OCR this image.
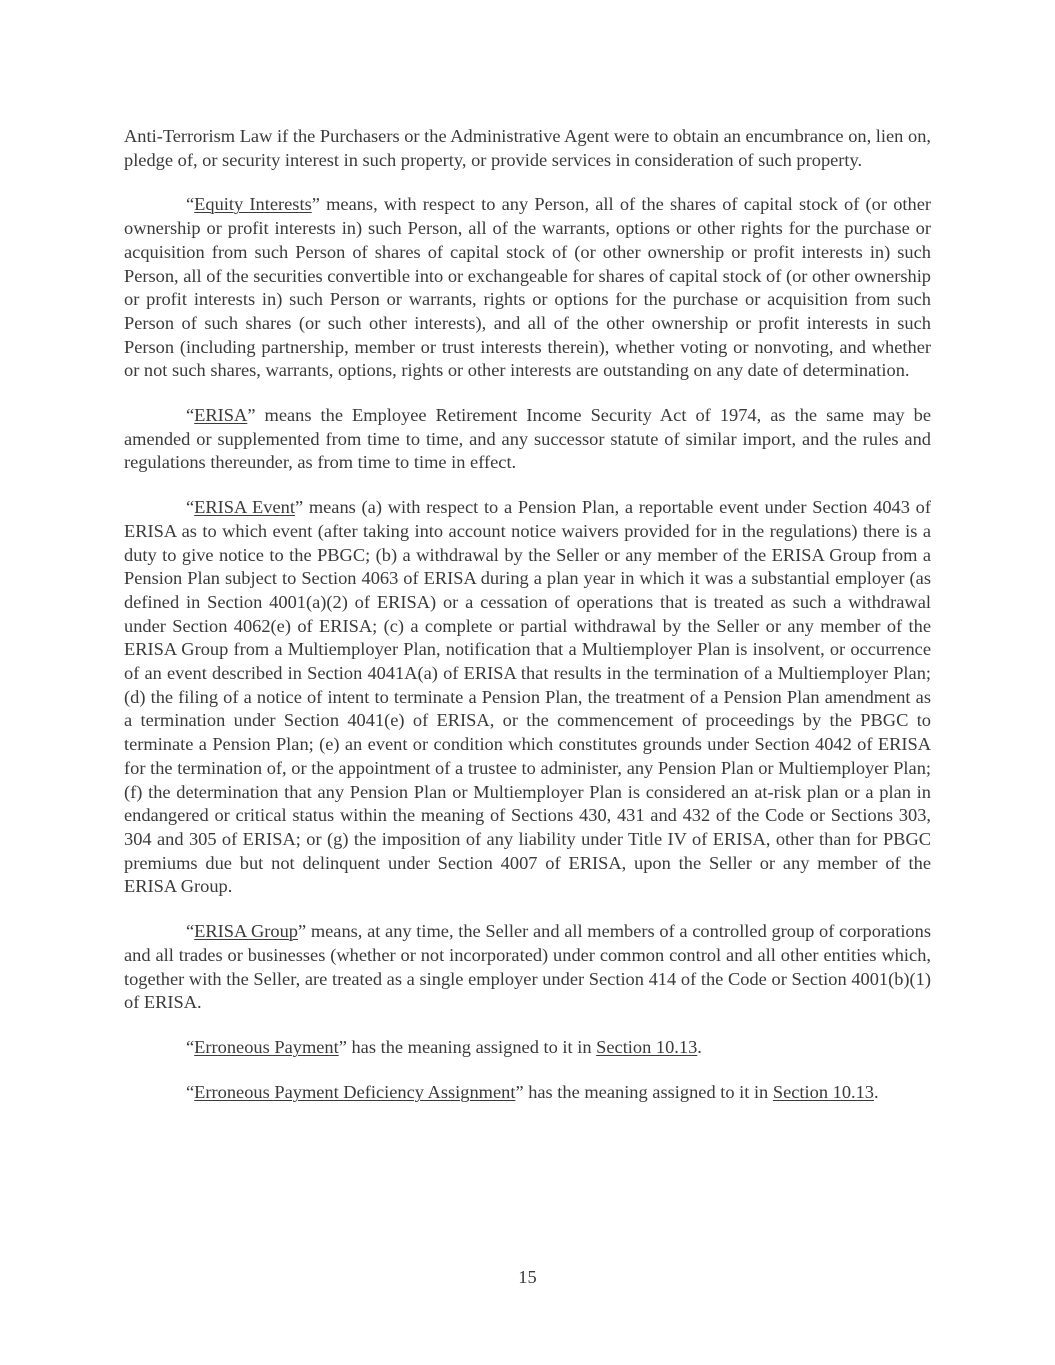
Anti-Terrorism Law if the Purchasers or the Administrative Agent were to obtain an encumbrance on, lien on, pledge of, or security interest in such property, or provide services in consideration of such property.

“Equity Interests” means, with respect to any Person, all of the shares of capital stock of (or other ownership or profit interests in) such Person, all of the warrants, options or other rights for the purchase or acquisition from such Person of shares of capital stock of (or other ownership or profit interests in) such Person, all of the securities convertible into or exchangeable for shares of capital stock of (or other ownership or profit interests in) such Person or warrants, rights or options for the purchase or acquisition from such Person of such shares (or such other interests), and all of the other ownership or profit interests in such Person (including partnership, member or trust interests therein), whether voting or nonvoting, and whether or not such shares, warrants, options, rights or other interests are outstanding on any date of determination.

“ERISA” means the Employee Retirement Income Security Act of 1974, as the same may be amended or supplemented from time to time, and any successor statute of similar import, and the rules and regulations thereunder, as from time to time in effect.

“ERISA Event” means (a) with respect to a Pension Plan, a reportable event under Section 4043 of ERISA as to which event (after taking into account notice waivers provided for in the regulations) there is a duty to give notice to the PBGC; (b) a withdrawal by the Seller or any member of the ERISA Group from a Pension Plan subject to Section 4063 of ERISA during a plan year in which it was a substantial employer (as defined in Section 4001(a)(2) of ERISA) or a cessation of operations that is treated as such a withdrawal under Section 4062(e) of ERISA; (c) a complete or partial withdrawal by the Seller or any member of the ERISA Group from a Multiemployer Plan, notification that a Multiemployer Plan is insolvent, or occurrence of an event described in Section 4041A(a) of ERISA that results in the termination of a Multiemployer Plan; (d) the filing of a notice of intent to terminate a Pension Plan, the treatment of a Pension Plan amendment as a termination under Section 4041(e) of ERISA, or the commencement of proceedings by the PBGC to terminate a Pension Plan; (e) an event or condition which constitutes grounds under Section 4042 of ERISA for the termination of, or the appointment of a trustee to administer, any Pension Plan or Multiemployer Plan; (f) the determination that any Pension Plan or Multiemployer Plan is considered an at-risk plan or a plan in endangered or critical status within the meaning of Sections 430, 431 and 432 of the Code or Sections 303, 304 and 305 of ERISA; or (g) the imposition of any liability under Title IV of ERISA, other than for PBGC premiums due but not delinquent under Section 4007 of ERISA, upon the Seller or any member of the ERISA Group.

“ERISA Group” means, at any time, the Seller and all members of a controlled group of corporations and all trades or businesses (whether or not incorporated) under common control and all other entities which, together with the Seller, are treated as a single employer under Section 414 of the Code or Section 4001(b)(1) of ERISA.

“Erroneous Payment” has the meaning assigned to it in Section 10.13.

“Erroneous Payment Deficiency Assignment” has the meaning assigned to it in Section 10.13.

15
